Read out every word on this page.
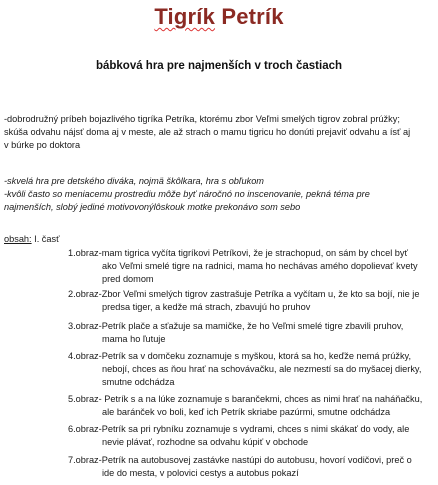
Tigrík Petrík
bábková hra pre najmenších v troch častiach
-dobrodružný príbeh bojazlivého tigríka Petríka, ktorému zbor Veľmi smelých tigrov zobral prúžky;
skúša odvahu nájsť doma aj v meste, ale až strach o mamu tigricu ho donúti prejaviť odvahu a ísť aj
v búrke po doktora
-skvelá hra pre detského diváka, nojmä škôlkara, hra s obľukom
-kvôli často so meniacemu prostrediu môže byť náročnó no inscenovanie, pekná téma pre
najmenších, slobý jediné motivovonýlôskouk motke prekonávo som sebo
obsah: I. časť
1.obraz-mam tigrica vyčíta tigríkovi Petríkovi, že je strachopud, on sám by chcel byť
ako Veľmi smelé tigre na radnici, mama ho nechávas amého dopolievať kvety
pred domom
2.obraz-Zbor Veľmi smelých tigrov zastrašuje Petríka a vyčítam u, že kto sa bojí, nie je
predsa tiger, a kedže má strach, zbavujú ho pruhov
3.obraz-Petrík plače a sťažuje sa mamičke, že ho Veľmi smelé tigre zbavili pruhov,
mama ho ľutuje
4.obraz-Petrík sa v domčeku zoznamuje s myškou, ktorá sa ho, keďže nemá prúžky,
nebojí, chces as ňou hrať na schovávačku, ale nezmestí sa do myšacej dierky,
smutne odchádza
5.obraz- Petrík s a na lúke zoznamuje s barančekmi, chces as nimi hrať na naháňačku,
ale baránček vo boli, keď ich Petrík skriabe pazúrmi, smutne odchádza
6.obraz-Petrík sa pri rybníku zoznamuje s vydrami, chces s nimi skákať do vody, ale
nevie plávať, rozhodne sa odvahu kúpiť v obchode
7.obraz-Petrík na autobusovej zastávke nastúpi do autobusu, hovorí vodičovi, preč o
ide do mesta, v polovici cestys a autobus pokazí
